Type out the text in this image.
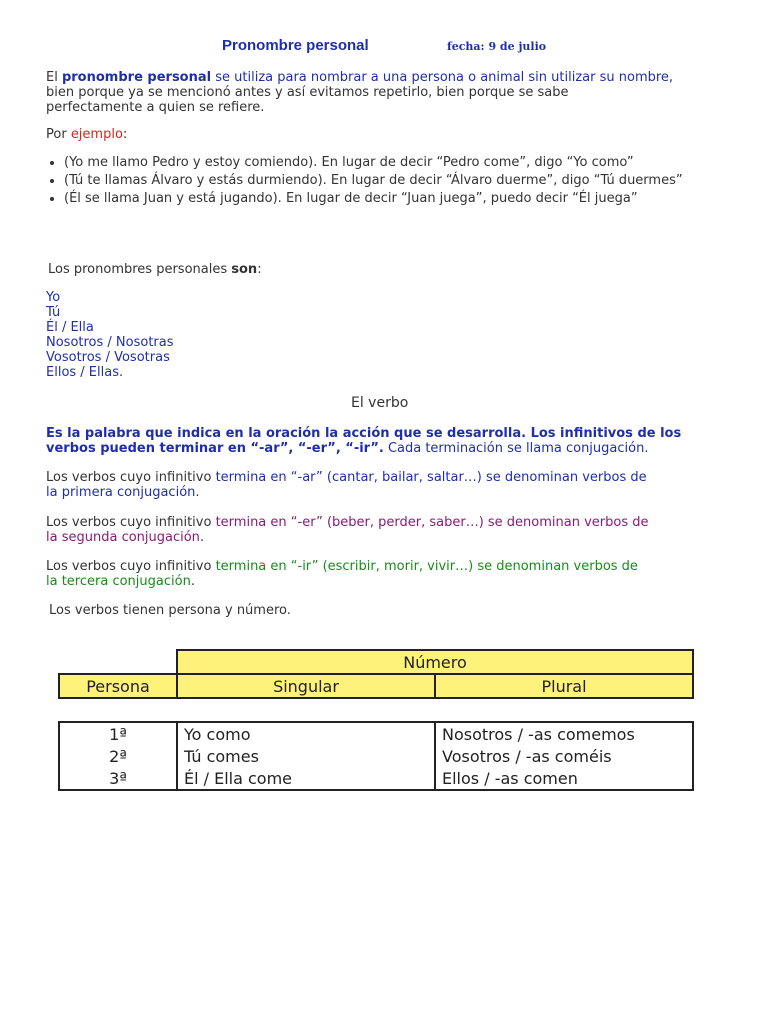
Pronombre personal	fecha: 9 de julio
El pronombre personal se utiliza para nombrar a una persona o animal sin utilizar su nombre,
bien porque ya se mencionó antes y así evitamos repetirlo, bien porque se sabe
perfectamente a quien se refiere.
Por ejemplo:
• (Yo me llamo Pedro y estoy comiendo). En lugar de decir “Pedro come”, digo “Yo como”
• (Tú te llamas Álvaro y estás durmiendo). En lugar de decir “Álvaro duerme”, digo “Tú duermes”
• (Él se llama Juan y está jugando). En lugar de decir “Juan juega”, puedo decir “Él juega”
Los pronombres personales son:
Yo
Tú
Él / Ella
Nosotros / Nosotras
Vosotros / Vosotras
Ellos / Ellas.
El verbo
Es la palabra que indica en la oración la acción que se desarrolla. Los infinitivos de los
verbos pueden terminar en “-ar”, “-er”, “-ir”. Cada terminación se llama conjugación.
Los verbos cuyo infinitivo termina en “-ar” (cantar, bailar, saltar…) se denominan verbos de
la primera conjugación.
Los verbos cuyo infinitivo termina en “-er” (beber, perder, saber…) se denominan verbos de
la segunda conjugación.
Los verbos cuyo infinitivo termina en “-ir” (escribir, morir, vivir…) se denominan verbos de
la tercera conjugación.
Los verbos tienen persona y número.
	Número	
Persona	Singular	Plural
1ª	Yo como	Nosotros / -as comemos
2ª	Tú comes	Vosotros / -as coméis
3ª	Él / Ella come	Ellos / -as comen
